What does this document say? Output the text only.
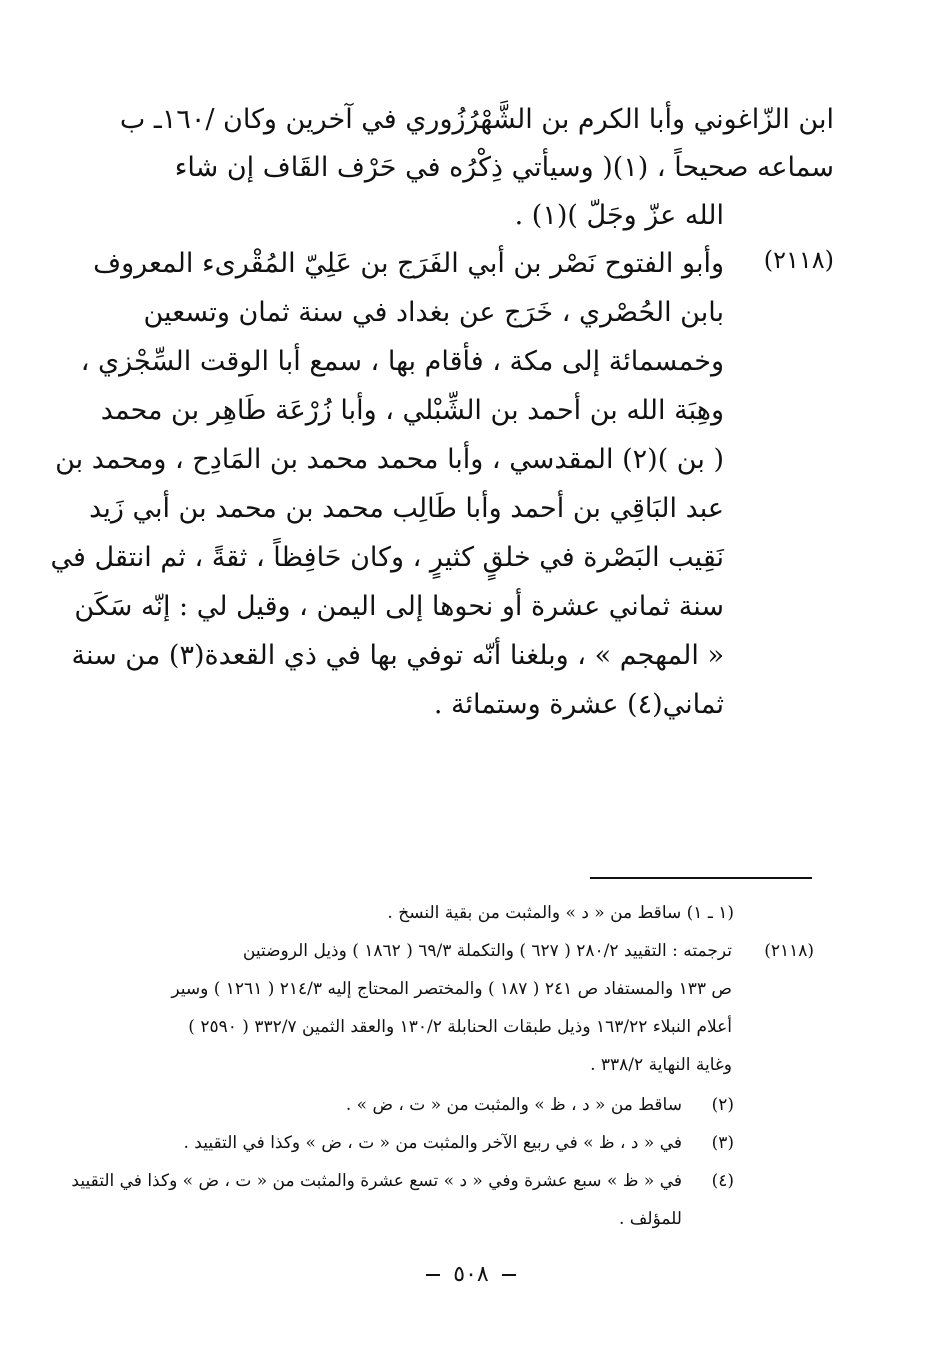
ابن الزّاغوني وأبا الكرم بن الشَّهْرُزُوري في آخرين وكان /١٦٠ـ ب
سماعه صحيحاً ، (١)( وسيأتي ذِكْرُه في حَرْف القَاف إن شاء
الله عزّ وجَلّ )(١) .
(٢١١٨)
وأبو الفتوح نَصْر بن أبي الفَرَج بن عَلِيّ المُقْرىء المعروف
بابن الحُصْري ، خَرَج عن بغداد في سنة ثمان وتسعين
وخمسمائة إلى مكة ، فأقام بها ، سمع أبا الوقت السِّجْزي ،
وهِبَة الله بن أحمد بن الشِّبْلي ، وأبا زُرْعَة طَاهِر بن محمد
( بن )(٢) المقدسي ، وأبا محمد محمد بن المَادِح ، ومحمد بن
عبد البَاقِي بن أحمد وأبا طَالِب محمد بن محمد بن أبي زَيد
نَقِيب البَصْرة في خلقٍ كثيرٍ ، وكان حَافِظاً ، ثقةً ، ثم انتقل في
سنة ثماني عشرة أو نحوها إلى اليمن ، وقيل لي : إنّه سَكَن
« المهجم » ، وبلغنا أنّه توفي بها في ذي القعدة(٣) من سنة
ثماني(٤) عشرة وستمائة .
(١ ـ ١) ساقط من « د » والمثبت من بقية النسخ .
(٢١١٨)
ترجمته : التقييد ٢٨٠/٢ ( ٦٢٧ ) والتكملة ٦٩/٣ ( ١٨٦٢ ) وذيل الروضتين
ص ١٣٣ والمستفاد ص ٢٤١ ( ١٨٧ ) والمختصر المحتاج إليه ٢١٤/٣ ( ١٢٦١ ) وسير
أعلام النبلاء ١٦٣/٢٢ وذيل طبقات الحنابلة ١٣٠/٢ والعقد الثمين ٣٣٢/٧ ( ٢٥٩٠ )
وغاية النهاية ٣٣٨/٢ .
(٢)
ساقط من « د ، ظ » والمثبت من « ت ، ض » .
(٣)
في « د ، ظ » في ربيع الآخر والمثبت من « ت ، ض » وكذا في التقييد .
(٤)
في « ظ » سبع عشرة وفي « د » تسع عشرة والمثبت من « ت ، ض » وكذا في التقييد
للمؤلف .
٥٠٨
